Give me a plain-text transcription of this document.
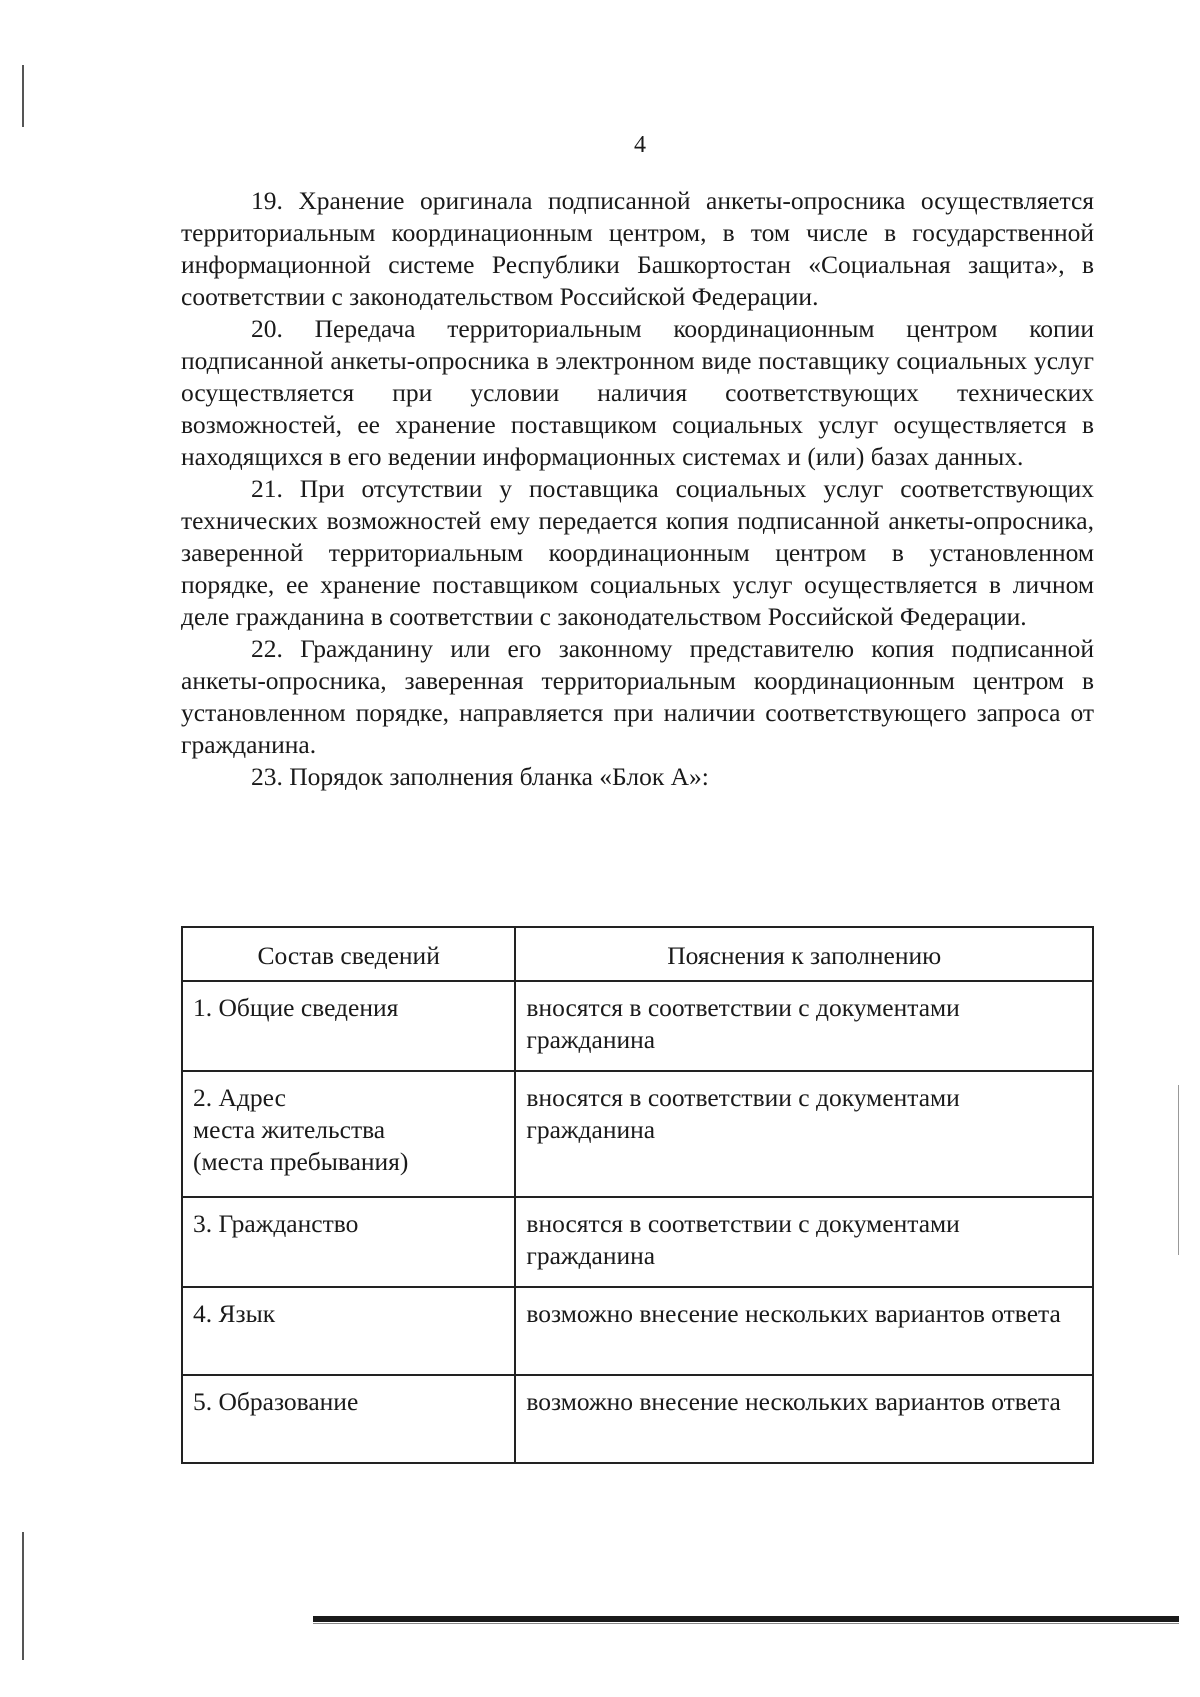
4

19. Хранение оригинала подписанной анкеты-опросника осуществляется территориальным координационным центром, в том числе в государственной информационной системе Республики Башкортостан «Социальная защита», в соответствии с законодательством Российской Федерации.

20. Передача территориальным координационным центром копии подписанной анкеты-опросника в электронном виде поставщику социальных услуг осуществляется при условии наличия соответствующих технических возможностей, ее хранение поставщиком социальных услуг осуществляется в находящихся в его ведении информационных системах и (или) базах данных.

21. При отсутствии у поставщика социальных услуг соответствующих технических возможностей ему передается копия подписанной анкеты-опросника, заверенной территориальным координационным центром в установленном порядке, ее хранение поставщиком социальных услуг осуществляется в личном деле гражданина в соответствии с законодательством Российской Федерации.

22. Гражданину или его законному представителю копия подписанной анкеты-опросника, заверенная территориальным координационным центром в установленном порядке, направляется при наличии соответствующего запроса от гражданина.

23. Порядок заполнения бланка «Блок А»:

Состав сведений	Пояснения к заполнению

1. Общие сведения	вносятся в соответствии с документами гражданина

2. Адрес
места жительства
(места пребывания)	вносятся в соответствии с документами гражданина

3. Гражданство	вносятся в соответствии с документами гражданина

4. Язык	возможно внесение нескольких вариантов ответа

5. Образование	возможно внесение нескольких вариантов ответа
